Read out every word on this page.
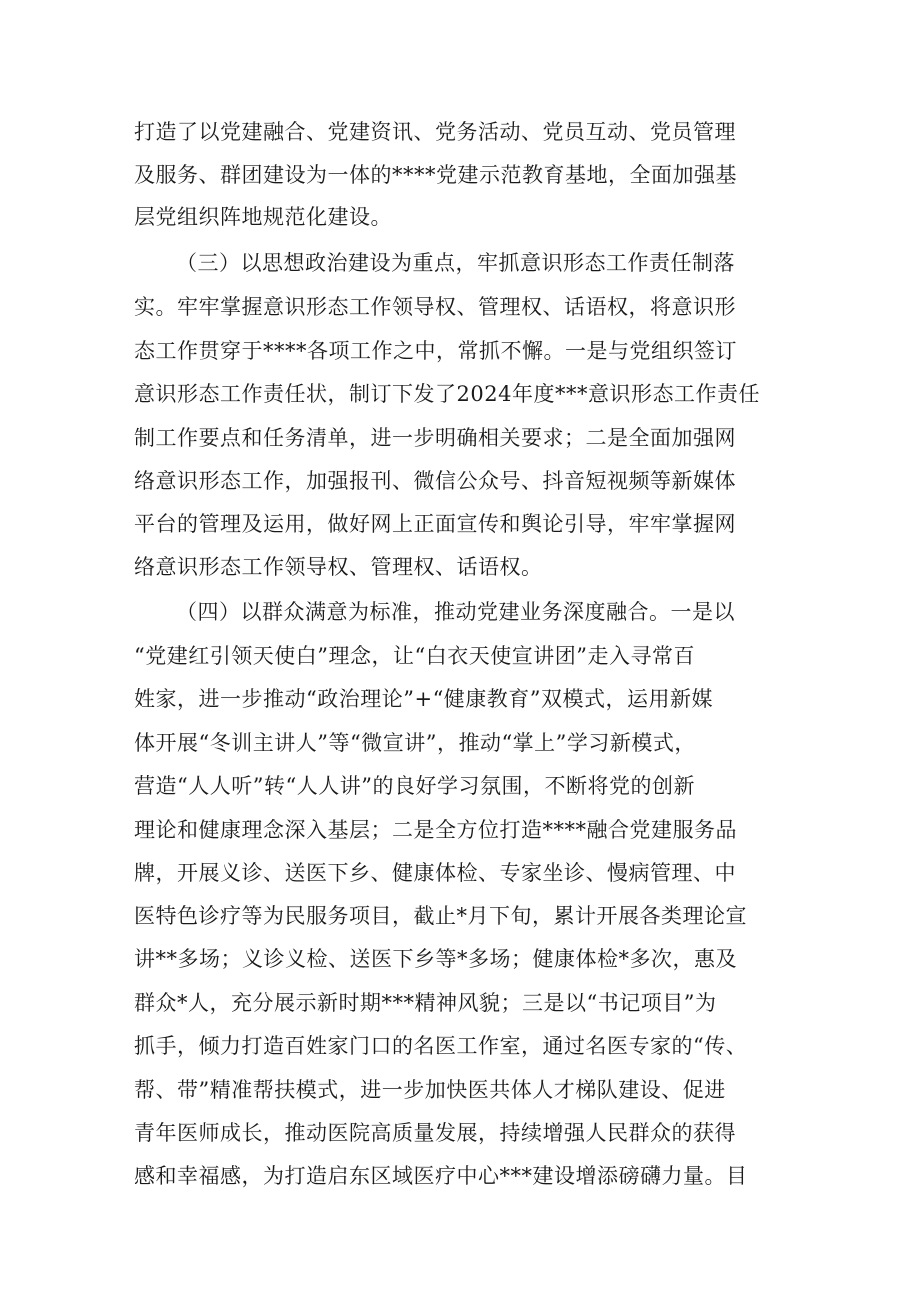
打造了以党建融合、党建资讯、党务活动、党员互动、党员管理
及服务、群团建设为一体的****党建示范教育基地，全面加强基
层党组织阵地规范化建设。
（三）以思想政治建设为重点，牢抓意识形态工作责任制落
实。牢牢掌握意识形态工作领导权、管理权、话语权，将意识形
态工作贯穿于****各项工作之中，常抓不懈。一是与党组织签订
意识形态工作责任状，制订下发了2024年度***意识形态工作责任
制工作要点和任务清单，进一步明确相关要求；二是全面加强网
络意识形态工作，加强报刊、微信公众号、抖音短视频等新媒体
平台的管理及运用，做好网上正面宣传和舆论引导，牢牢掌握网
络意识形态工作领导权、管理权、话语权。
（四）以群众满意为标准，推动党建业务深度融合。一是以
“党建红引领天使白”理念，让“白衣天使宣讲团”走入寻常百
姓家，进一步推动“政治理论”+“健康教育”双模式，运用新媒
体开展“冬训主讲人”等“微宣讲”，推动“掌上”学习新模式，
营造“人人听”转“人人讲”的良好学习氛围，不断将党的创新
理论和健康理念深入基层；二是全方位打造****融合党建服务品
牌，开展义诊、送医下乡、健康体检、专家坐诊、慢病管理、中
医特色诊疗等为民服务项目，截止*月下旬，累计开展各类理论宣
讲**多场；义诊义检、送医下乡等*多场；健康体检*多次，惠及
群众*人，充分展示新时期***精神风貌；三是以“书记项目”为
抓手，倾力打造百姓家门口的名医工作室，通过名医专家的“传、
帮、带”精准帮扶模式，进一步加快医共体人才梯队建设、促进
青年医师成长，推动医院高质量发展，持续增强人民群众的获得
感和幸福感，为打造启东区域医疗中心***建设增添磅礴力量。目
